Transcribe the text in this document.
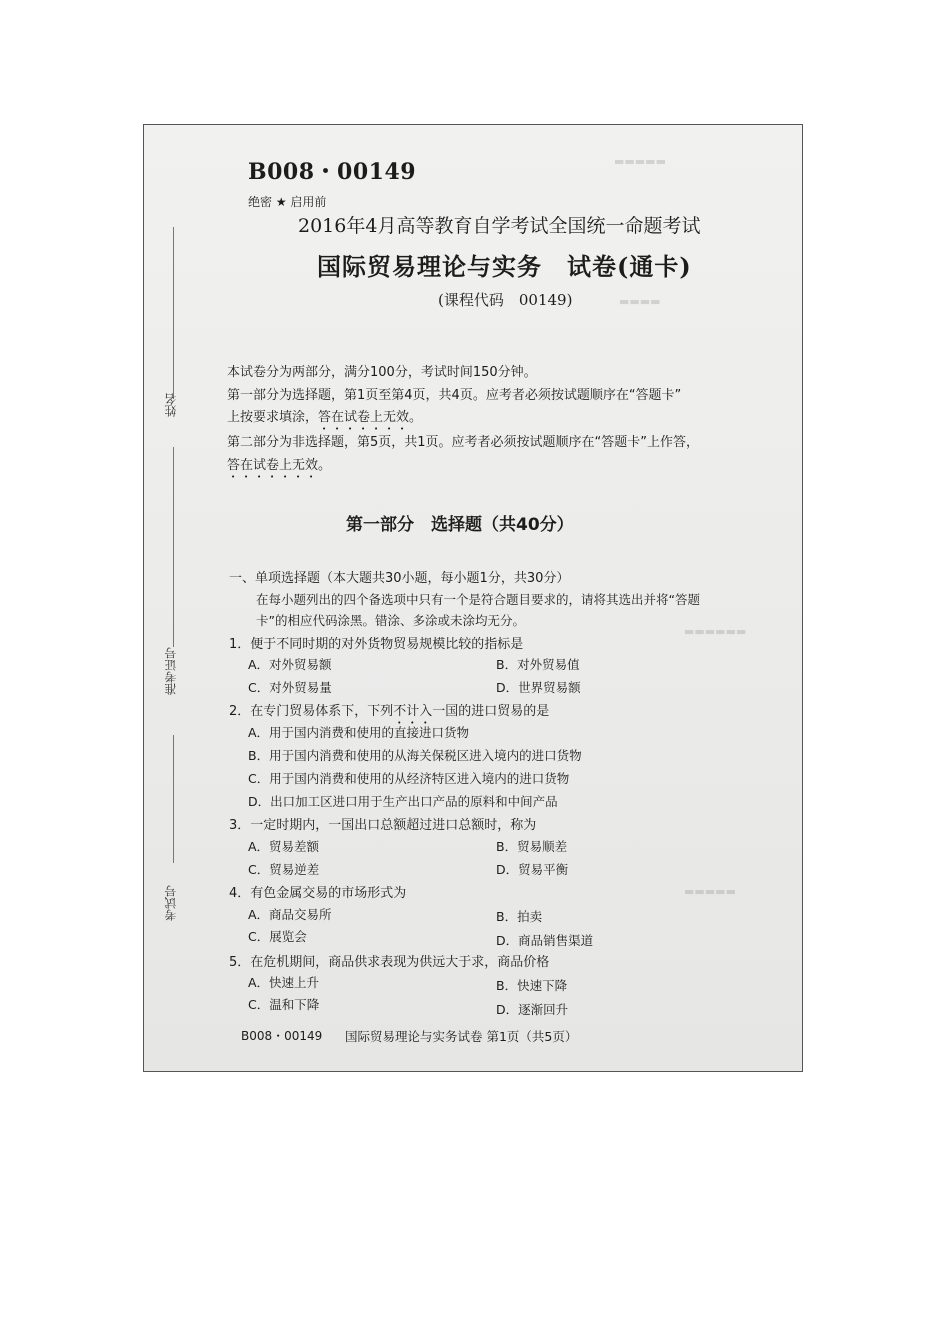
▬▬▬▬▬
▬▬▬▬
▬▬▬▬▬▬
▬▬▬▬▬
姓名
准考证号
考试号
B008・00149
绝密 ★ 启用前
2016年4月高等教育自学考试全国统一命题考试
国际贸易理论与实务　试卷(通卡)
(课程代码　00149)
本试卷分为两部分，满分100分，考试时间150分钟。
第一部分为选择题，第1页至第4页，共4页。应考者必须按试题顺序在“答题卡”
上按要求填涂，答在试卷上无效。
第二部分为非选择题，第5页，共1页。应考者必须按试题顺序在“答题卡”上作答，
答在试卷上无效。
第一部分　选择题（共40分）
一、单项选择题（本大题共30小题，每小题1分，共30分）
在每小题列出的四个备选项中只有一个是符合题目要求的，请将其选出并将“答题
卡”的相应代码涂黑。错涂、多涂或未涂均无分。
1．便于不同时期的对外货物贸易规模比较的指标是
A．对外贸易额	B．对外贸易值
C．对外贸易量	D．世界贸易额
2．在专门贸易体系下，下列不计入一国的进口贸易的是
A．用于国内消费和使用的直接进口货物
B．用于国内消费和使用的从海关保税区进入境内的进口货物
C．用于国内消费和使用的从经济特区进入境内的进口货物
D．出口加工区进口用于生产出口产品的原料和中间产品
3．一定时期内，一国出口总额超过进口总额时，称为
A．贸易差额	B．贸易顺差
C．贸易逆差	D．贸易平衡
4．有色金属交易的市场形式为
A．商品交易所	B．拍卖
C．展览会	D．商品销售渠道
5．在危机期间，商品供求表现为供远大于求，商品价格
A．快速上升	B．快速下降
C．温和下降	D．逐渐回升
B008・00149 国际贸易理论与实务试卷 第1页（共5页）
